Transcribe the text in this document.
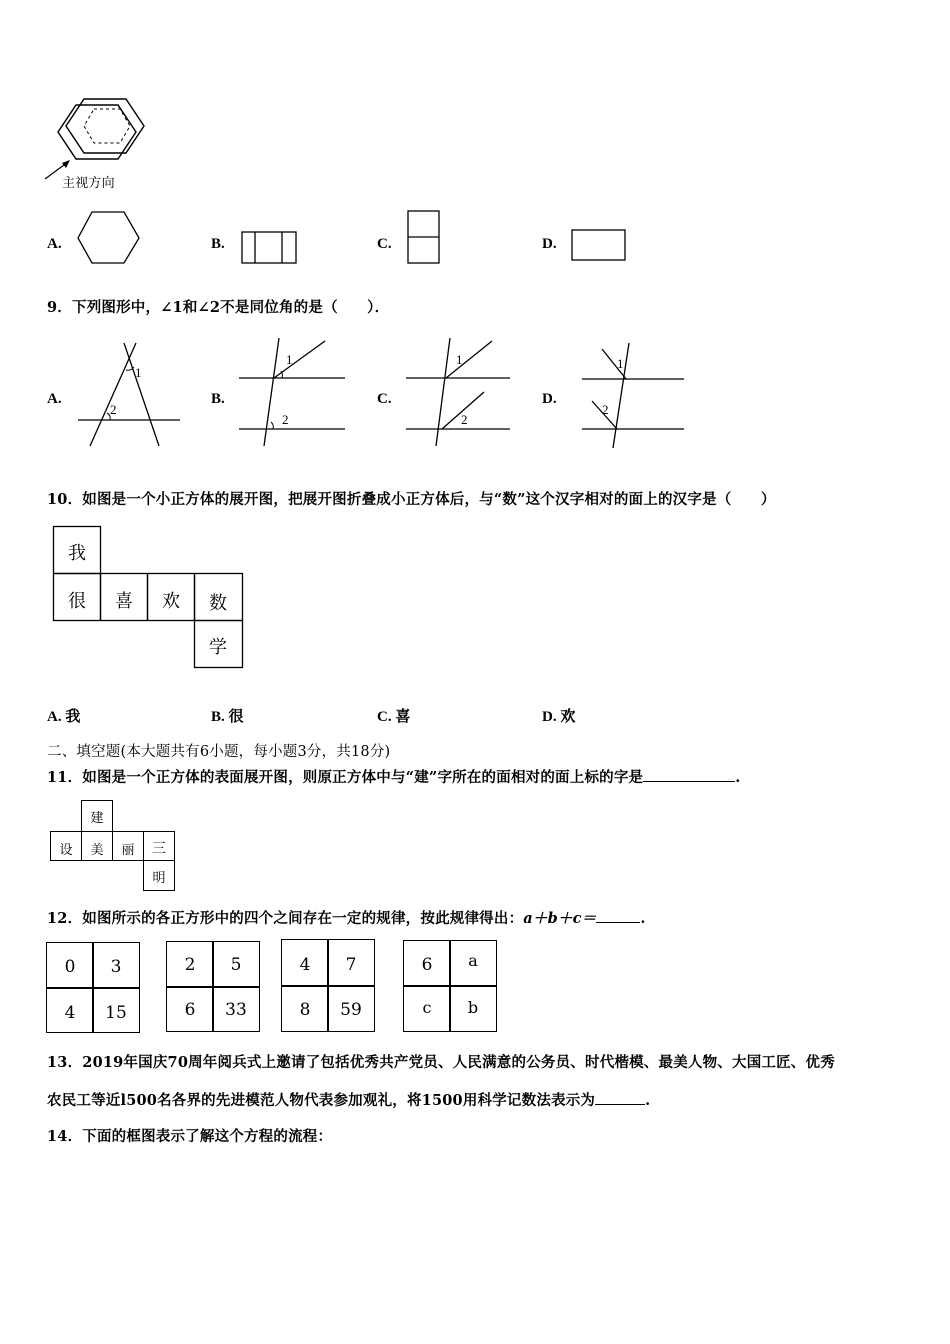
主视方向
A.	B.	C.	D.
9．下列图形中，∠1和∠2不是同位角的是（　　）．
A.
1
2
B.
1
2
C.
1
2
D.
1
2
10．如图是一个小正方体的展开图，把展开图折叠成小正方体后，与“数”这个汉字相对的面上的汉字是（　　）
我
很	喜	欢	数
学
A. 我	B. 很	C. 喜	D. 欢
二、填空题(本大题共有6小题，每小题3分，共18分)
11．如图是一个正方体的表面展开图，则原正方体中与“建”字所在的面相对的面上标的字是	.
建
设	美	丽	三
明
12．如图所示的各正方形中的四个之间存在一定的规律，按此规律得出：a＋b＋c＝	.
0	3
4	15
2	5
6	33
4	7
8	59
6	a
c	b
13．2019年国庆70周年阅兵式上邀请了包括优秀共产党员、人民满意的公务员、时代楷模、最美人物、大国工匠、优秀
农民工等近l500名各界的先进模范人物代表参加观礼，将1500用科学记数法表示为	.
14．下面的框图表示了解这个方程的流程：
